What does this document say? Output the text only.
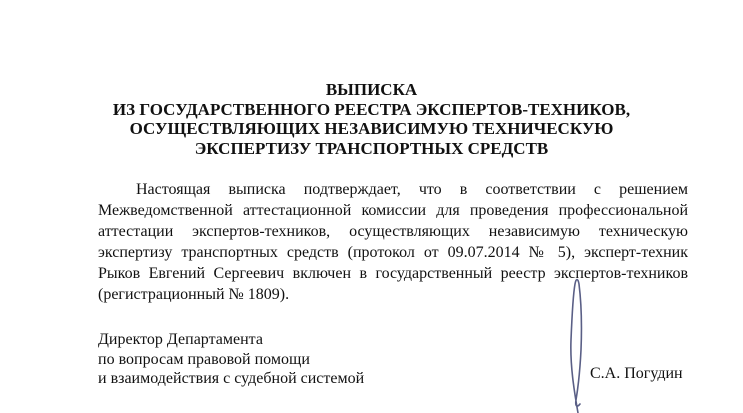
ВЫПИСКА
ИЗ ГОСУДАРСТВЕННОГО РЕЕСТРА ЭКСПЕРТОВ-ТЕХНИКОВ,
ОСУЩЕСТВЛЯЮЩИХ НЕЗАВИСИМУЮ ТЕХНИЧЕСКУЮ
ЭКСПЕРТИЗУ ТРАНСПОРТНЫХ СРЕДСТВ
Настоящая выписка подтверждает, что в соответствии с решением
Межведомственной аттестационной комиссии для проведения профессиональной
аттестации экспертов-техников, осуществляющих независимую техническую
экспертизу транспортных средств (протокол от 09.07.2014 № 5), эксперт-техник
Рыков Евгений Сергеевич включен в государственный реестр экспертов-техников
(регистрационный № 1809).
Директор Департамента
по вопросам правовой помощи
и взаимодействия с судебной системой	С.А. Погудин
